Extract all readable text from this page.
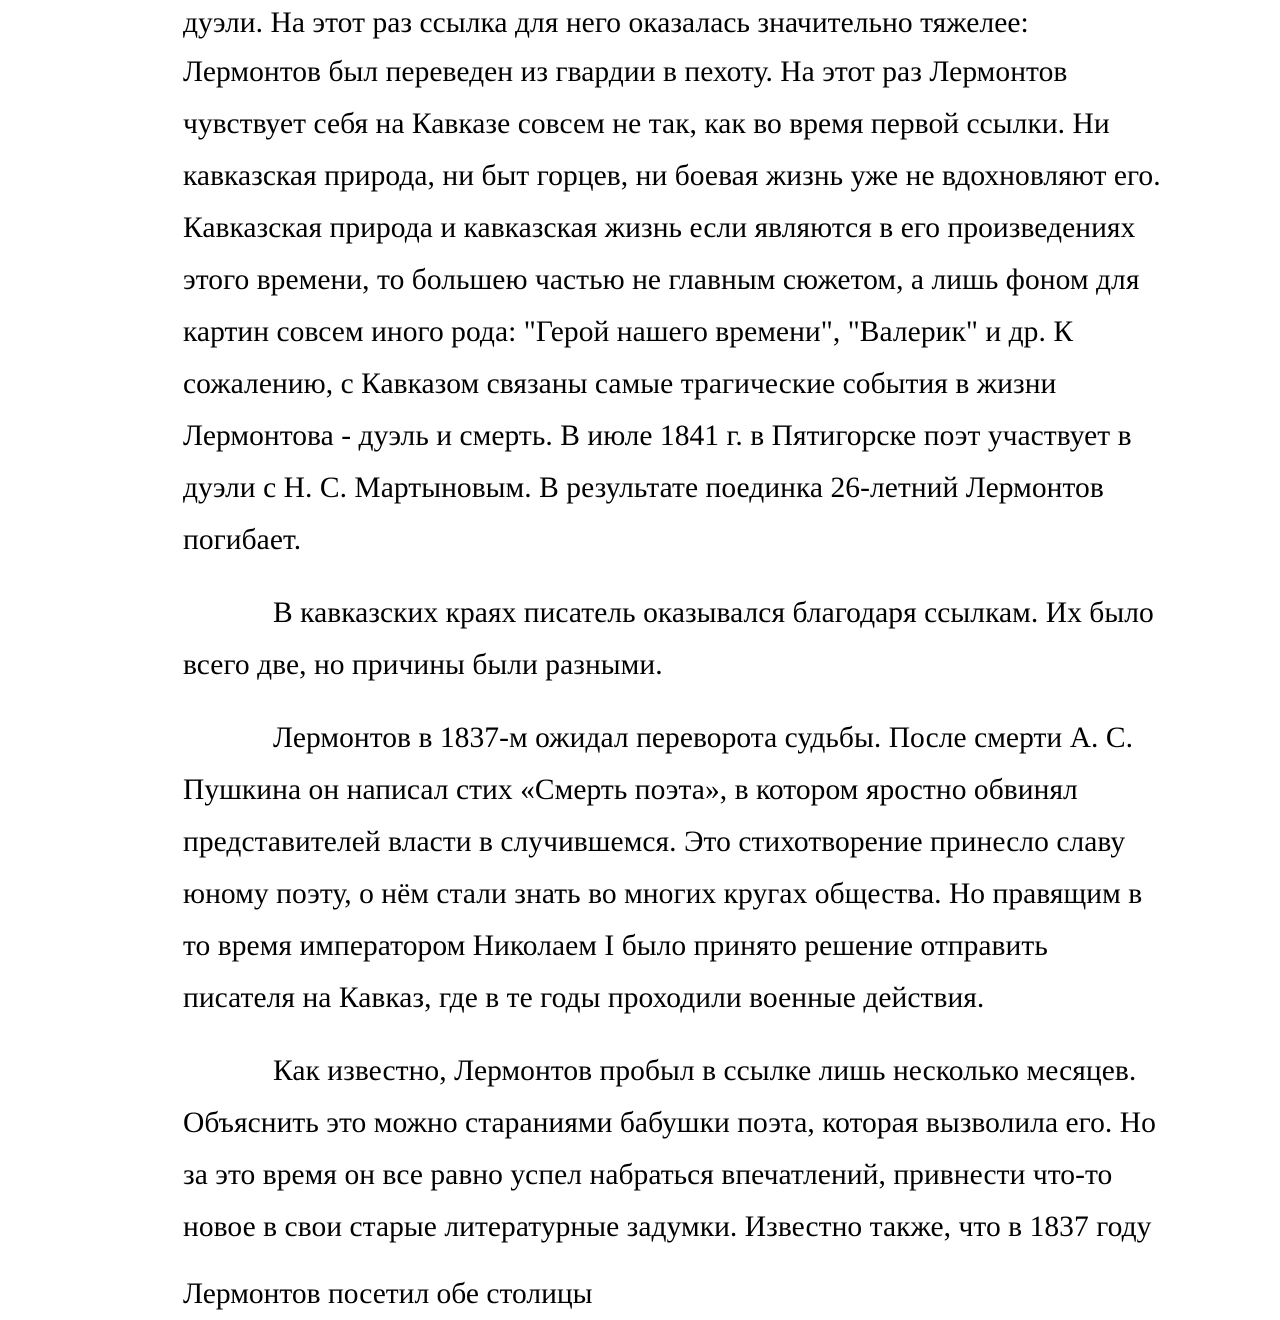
дуэли. На этот раз ссылка для него оказалась значительно тяжелее:
Лермонтов был переведен из гвардии в пехоту. На этот раз Лермонтов
чувствует себя на Кавказе совсем не так, как во время первой ссылки. Ни
кавказская природа, ни быт горцев, ни боевая жизнь уже не вдохновляют его.
Кавказская природа и кавказская жизнь если являются в его произведениях
этого времени, то большею частью не главным сюжетом, а лишь фоном для
картин совсем иного рода: "Герой нашего времени", "Валерик" и др. К
сожалению, с Кавказом связаны самые трагические события в жизни
Лермонтова - дуэль и смерть. В июле 1841 г. в Пятигорске поэт участвует в
дуэли с Н. С. Мартыновым. В результате поединка 26-летний Лермонтов
погибает.
В кавказских краях писатель оказывался благодаря ссылкам. Их было
всего две, но причины были разными.
Лермонтов в 1837-м ожидал переворота судьбы. После смерти А. С.
Пушкина он написал стих «Смерть поэта», в котором яростно обвинял
представителей власти в случившемся. Это стихотворение принесло славу
юному поэту, о нём стали знать во многих кругах общества. Но правящим в
то время императором Николаем I было принято решение отправить
писателя на Кавказ, где в те годы проходили военные действия.
Как известно, Лермонтов пробыл в ссылке лишь несколько месяцев.
Объяснить это можно стараниями бабушки поэта, которая вызволила его. Но
за это время он все равно успел набраться впечатлений, привнести что-то
новое в свои старые литературные задумки. Известно также, что в 1837 году
Лермонтов посетил обе столицы
